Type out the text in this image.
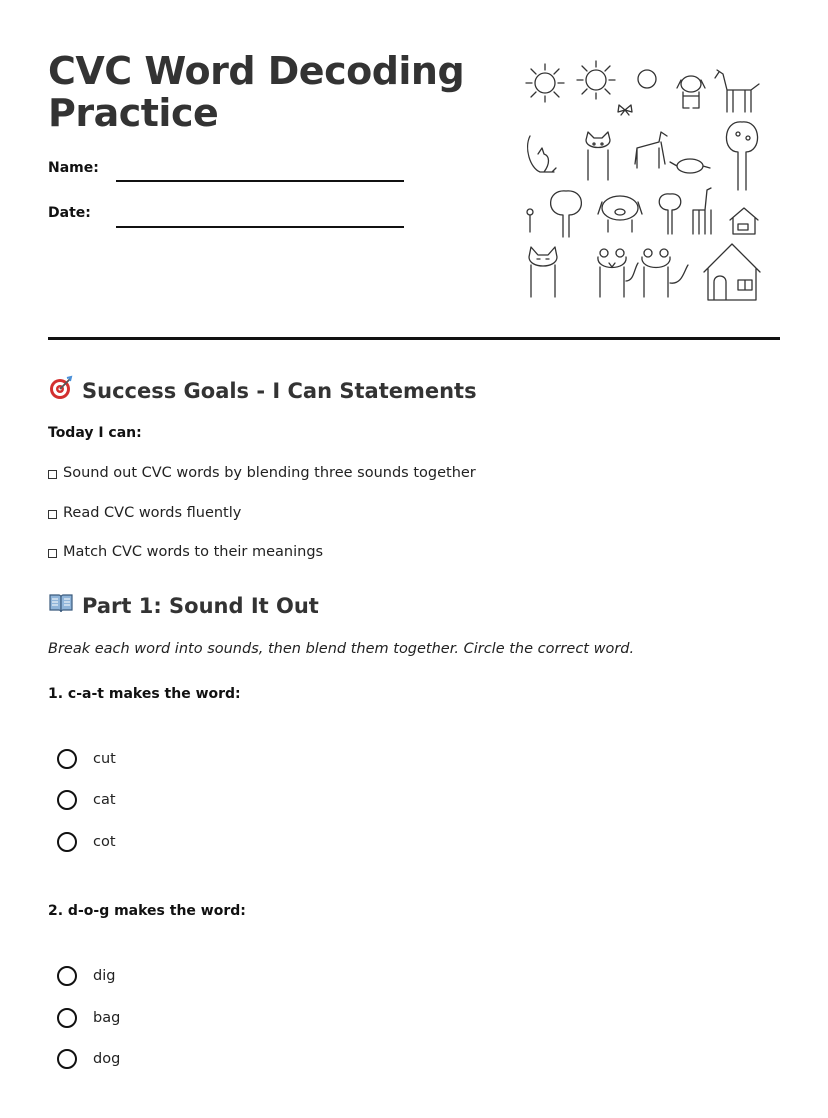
CVC Word Decoding Practice
Name:
Date:
Success Goals - I Can Statements
Today I can:
Sound out CVC words by blending three sounds together
Read CVC words fluently
Match CVC words to their meanings
Part 1: Sound It Out
Break each word into sounds, then blend them together. Circle the correct word.
1. c-a-t makes the word:
cut
cat
cot
2. d-o-g makes the word:
dig
bag
dog
